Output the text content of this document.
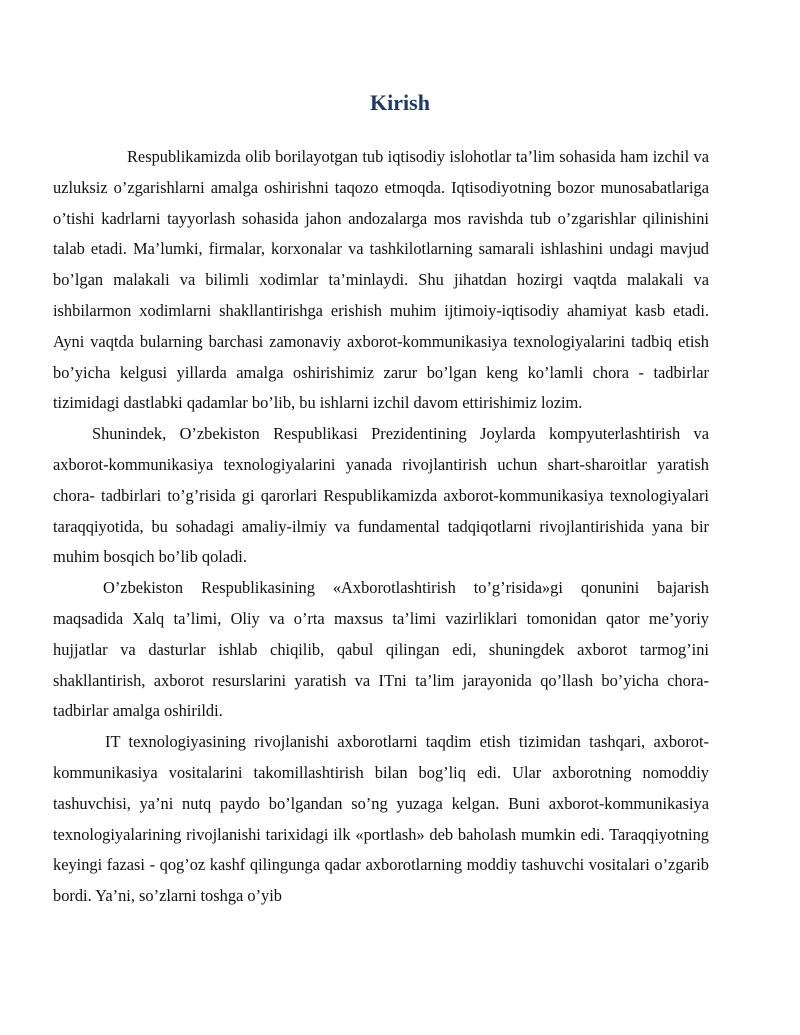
Kirish

Respublikamizda olib borilayotgan tub iqtisodiy islohotlar ta’lim sohasida ham izchil va uzluksiz o’zgarishlarni amalga oshirishni taqozo etmoqda. Iqtisodiyotning bozor munosabatlariga o’tishi kadrlarni tayyorlash sohasida jahon andozalarga mos ravishda tub o’zgarishlar qilinishini talab etadi. Ma’lumki, firmalar, korxonalar va tashkilotlarning samarali ishlashini undagi mavjud bo’lgan malakali va bilimli xodimlar ta’minlaydi. Shu jihatdan hozirgi vaqtda malakali va ishbilarmon xodimlarni shakllantirishga erishish muhim ijtimoiy-iqtisodiy ahamiyat kasb etadi. Ayni vaqtda bularning barchasi zamonaviy axborot-kommunikasiya texnologiyalarini tadbiq etish bo’yicha kelgusi yillarda amalga oshirishimiz zarur bo’lgan keng ko’lamli chora - tadbirlar tizimidagi dastlabki qadamlar bo’lib, bu ishlarni izchil davom ettirishimiz lozim.

Shunindek, O’zbekiston Respublikasi Prezidentining Joylarda kompyuterlashtirish va axborot-kommunikasiya texnologiyalarini yanada rivojlantirish uchun shart-sharoitlar yaratish chora- tadbirlari to’g’risida gi qarorlari Respublikamizda axborot-kommunikasiya texnologiyalari taraqqiyotida, bu sohadagi amaliy-ilmiy va fundamental tadqiqotlarni rivojlantirishida yana bir muhim bosqich bo’lib qoladi.

O’zbekiston Respublikasining «Axborotlashtirish to’g’risida»gi qonunini bajarish maqsadida Xalq ta’limi, Oliy va o’rta maxsus ta’limi vazirliklari tomonidan qator me’yoriy hujjatlar va dasturlar ishlab chiqilib, qabul qilingan edi, shuningdek axborot tarmog’ini shakllantirish, axborot resurslarini yaratish va ITni ta’lim jarayonida qo’llash bo’yicha chora-tadbirlar amalga oshirildi.

IT texnologiyasining rivojlanishi axborotlarni taqdim etish tizimidan tashqari, axborot-kommunikasiya vositalarini takomillashtirish bilan bog’liq edi. Ular axborotning nomoddiy tashuvchisi, ya’ni nutq paydo bo’lgandan so’ng yuzaga kelgan. Buni axborot-kommunikasiya texnologiyalarining rivojlanishi tarixidagi ilk «portlash» deb baholash mumkin edi. Taraqqiyotning keyingi fazasi - qog’oz kashf qilingunga qadar axborotlarning moddiy tashuvchi vositalari o’zgarib bordi. Ya’ni, so’zlarni toshga o’yib
